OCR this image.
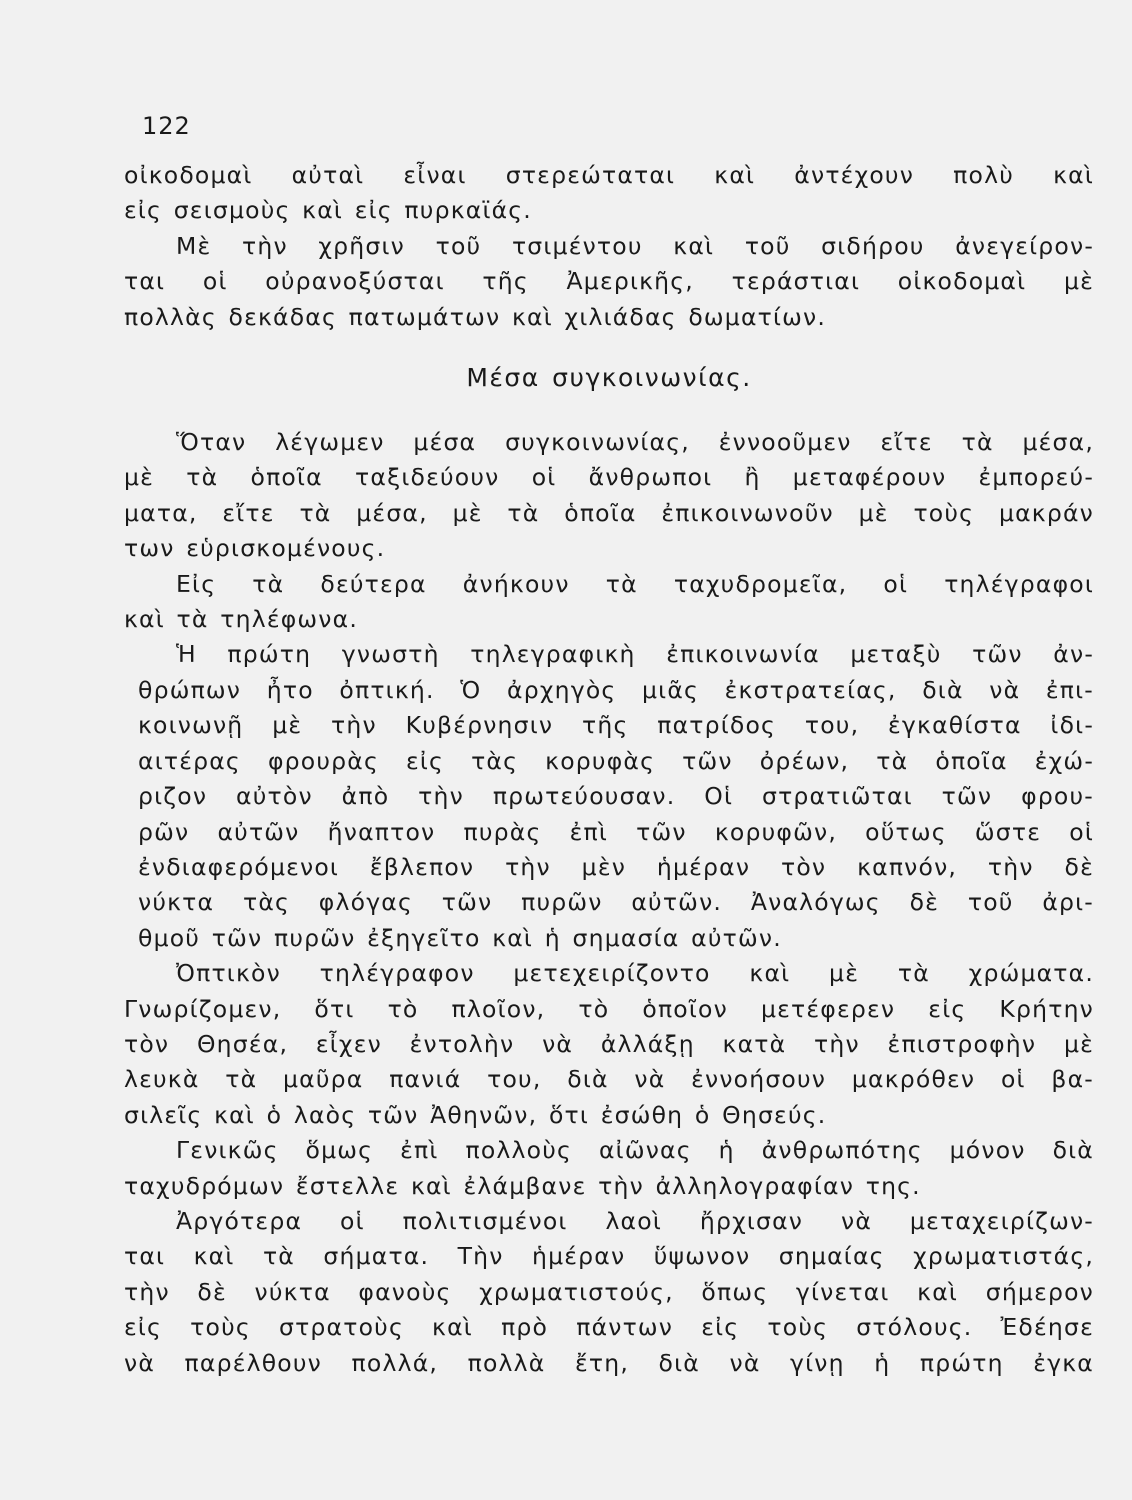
122
οἰκοδομαὶ αὐταὶ εἶναι στερεώταται καὶ ἀντέχουν πολὺ καὶ
εἰς σεισμοὺς καὶ εἰς πυρκαϊάς.
Μὲ τὴν χρῆσιν τοῦ τσιμέντου καὶ τοῦ σιδήρου ἀνεγείρον-
ται οἱ οὐρανοξύσται τῆς Ἀμερικῆς, τεράστιαι οἰκοδομαὶ μὲ
πολλὰς δεκάδας πατωμάτων καὶ χιλιάδας δωματίων.
Μέσα συγκοινωνίας.
Ὅταν λέγωμεν μέσα συγκοινωνίας, ἐννοοῦμεν εἴτε τὰ μέσα,
μὲ τὰ ὁποῖα ταξιδεύουν οἱ ἄνθρωποι ἢ μεταφέρουν ἐμπορεύ-
ματα, εἴτε τὰ μέσα, μὲ τὰ ὁποῖα ἐπικοινωνοῦν μὲ τοὺς μακράν
των εὑρισκομένους.
Εἰς τὰ δεύτερα ἀνήκουν τὰ ταχυδρομεῖα, οἱ τηλέγραφοι
καὶ τὰ τηλέφωνα.
Ἡ πρώτη γνωστὴ τηλεγραφικὴ ἐπικοινωνία μεταξὺ τῶν ἀν-
θρώπων ἦτο ὀπτική. Ὁ ἀρχηγὸς μιᾶς ἐκστρατείας, διὰ νὰ ἐπι-
κοινωνῇ μὲ τὴν Κυβέρνησιν τῆς πατρίδος του, ἐγκαθίστα ἰδι-
αιτέρας φρουρὰς εἰς τὰς κορυφὰς τῶν ὀρέων, τὰ ὁποῖα ἐχώ-
ριζον αὐτὸν ἀπὸ τὴν πρωτεύουσαν. Οἱ στρατιῶται τῶν φρου-
ρῶν αὐτῶν ἤναπτον πυρὰς ἐπὶ τῶν κορυφῶν, οὕτως ὥστε οἱ
ἐνδιαφερόμενοι ἔβλεπον τὴν μὲν ἡμέραν τὸν καπνόν, τὴν δὲ
νύκτα τὰς φλόγας τῶν πυρῶν αὐτῶν. Ἀναλόγως δὲ τοῦ ἀρι-
θμοῦ τῶν πυρῶν ἐξηγεῖτο καὶ ἡ σημασία αὐτῶν.
Ὀπτικὸν τηλέγραφον μετεχειρίζοντο καὶ μὲ τὰ χρώματα.
Γνωρίζομεν, ὅτι τὸ πλοῖον, τὸ ὁποῖον μετέφερεν εἰς Κρήτην
τὸν Θησέα, εἶχεν ἐντολὴν νὰ ἀλλάξῃ κατὰ τὴν ἐπιστροφὴν μὲ
λευκὰ τὰ μαῦρα πανιά του, διὰ νὰ ἐννοήσουν μακρόθεν οἱ βα-
σιλεῖς καὶ ὁ λαὸς τῶν Ἀθηνῶν, ὅτι ἐσώθη ὁ Θησεύς.
Γενικῶς ὅμως ἐπὶ πολλοὺς αἰῶνας ἡ ἀνθρωπότης μόνον διὰ
ταχυδρόμων ἔστελλε καὶ ἐλάμβανε τὴν ἀλληλογραφίαν της.
Ἀργότερα οἱ πολιτισμένοι λαοὶ ἤρχισαν νὰ μεταχειρίζων-
ται καὶ τὰ σήματα. Τὴν ἡμέραν ὕψωνον σημαίας χρωματιστάς,
τὴν δὲ νύκτα φανοὺς χρωματιστούς, ὅπως γίνεται καὶ σήμερον
εἰς τοὺς στρατοὺς καὶ πρὸ πάντων εἰς τοὺς στόλους. Ἐδέησε
νὰ παρέλθουν πολλά, πολλὰ ἔτη, διὰ νὰ γίνῃ ἡ πρώτη ἐγκα
